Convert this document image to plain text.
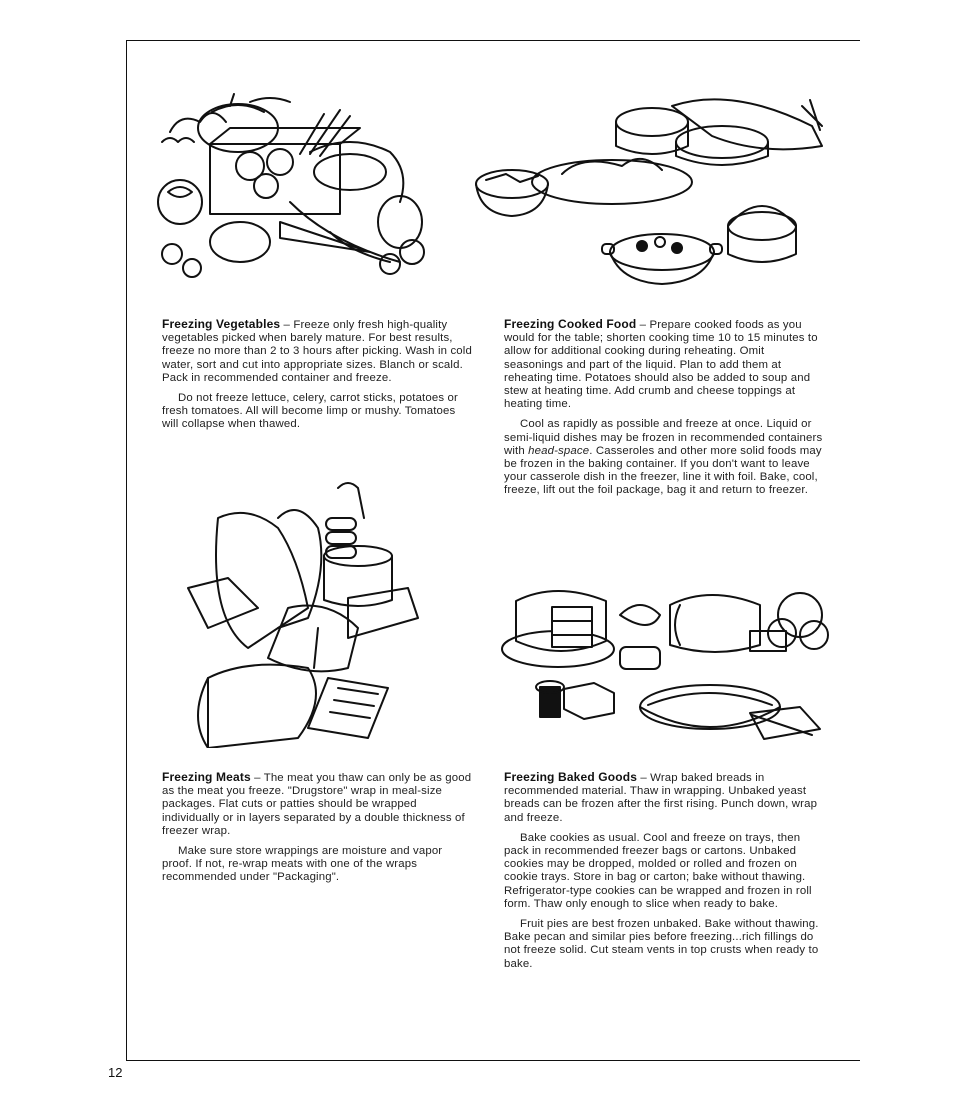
12

Freezing Vegetables – Freeze only fresh high-quality vegetables picked when barely mature. For best results, freeze no more than 2 to 3 hours after picking. Wash in cold water, sort and cut into appropriate sizes. Blanch or scald. Pack in recommended container and freeze.

Do not freeze lettuce, celery, carrot sticks, potatoes or fresh tomatoes. All will become limp or mushy. Tomatoes will collapse when thawed.

Freezing Cooked Food – Prepare cooked foods as you would for the table; shorten cooking time 10 to 15 minutes to allow for additional cooking during reheating. Omit seasonings and part of the liquid. Plan to add them at reheating time. Potatoes should also be added to soup and stew at heating time. Add crumb and cheese toppings at heating time.

Cool as rapidly as possible and freeze at once. Liquid or semi-liquid dishes may be frozen in recommended containers with head-space. Casseroles and other more solid foods may be frozen in the baking container. If you don't want to leave your casserole dish in the freezer, line it with foil. Bake, cool, freeze, lift out the foil package, bag it and return to freezer.

Freezing Meats – The meat you thaw can only be as good as the meat you freeze. "Drugstore" wrap in meal-size packages. Flat cuts or patties should be wrapped individually or in layers separated by a double thickness of freezer wrap.

Make sure store wrappings are moisture and vapor proof. If not, re-wrap meats with one of the wraps recommended under "Packaging".

Freezing Baked Goods – Wrap baked breads in recommended material. Thaw in wrapping. Unbaked yeast breads can be frozen after the first rising. Punch down, wrap and freeze.

Bake cookies as usual. Cool and freeze on trays, then pack in recommended freezer bags or cartons. Unbaked cookies may be dropped, molded or rolled and frozen on cookie trays. Store in bag or carton; bake without thawing. Refrigerator-type cookies can be wrapped and frozen in roll form. Thaw only enough to slice when ready to bake.

Fruit pies are best frozen unbaked. Bake without thawing. Bake pecan and similar pies before freezing...rich fillings do not freeze solid. Cut steam vents in top crusts when ready to bake.
